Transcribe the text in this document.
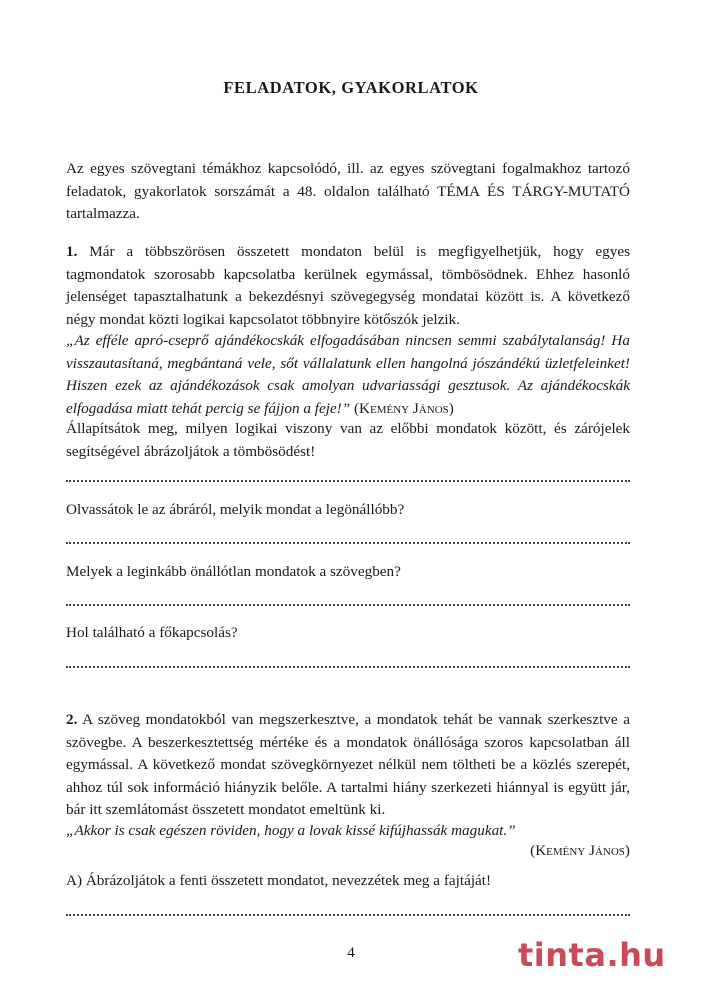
FELADATOK, GYAKORLATOK
Az egyes szövegtani témákhoz kapcsolódó, ill. az egyes szövegtani fogalmakhoz tartozó feladatok, gyakorlatok sorszámát a 48. oldalon található TÉMA ÉS TÁRGY-MUTATÓ tartalmazza.
1. Már a többszörösen összetett mondaton belül is megfigyelhetjük, hogy egyes tagmondatok szorosabb kapcsolatba kerülnek egymással, tömbösödnek. Ehhez hasonló jelenséget tapasztalhatunk a bekezdésnyi szövegegység mondatai között is. A következő négy mondat közti logikai kapcsolatot többnyire kötőszók jelzik.
„Az efféle apró-cseprő ajándékocskák elfogadásában nincsen semmi szabálytalanság! Ha visszautasítaná, megbántaná vele, sőt vállalatunk ellen hangolná jószándékú üzletfeleinket! Hiszen ezek az ajándékozások csak amolyan udvariassági gesztusok. Az ajándékocskák elfogadása miatt tehát percig se fájjon a feje!” (Kemény János)
Állapítsátok meg, milyen logikai viszony van az előbbi mondatok között, és zárójelek segítségével ábrázoljátok a tömbösödést!
Olvassátok le az ábráról, melyik mondat a legönállóbb?
Melyek a leginkább önállótlan mondatok a szövegben?
Hol található a főkapcsolás?
2. A szöveg mondatokból van megszerkesztve, a mondatok tehát be vannak szerkesztve a szövegbe. A beszerkesztettség mértéke és a mondatok önállósága szoros kapcsolatban áll egymással. A következő mondat szövegkörnyezet nélkül nem töltheti be a közlés szerepét, ahhoz túl sok információ hiányzik belőle. A tartalmi hiány szerkezeti hiánnyal is együtt jár, bár itt szemlátomást összetett mondatot emeltünk ki.
„Akkor is csak egészen röviden, hogy a lovak kissé kifújhassák magukat.”
(Kemény János)
A) Ábrázoljátok a fenti összetett mondatot, nevezzétek meg a fajtáját!
4	tinta.hu
